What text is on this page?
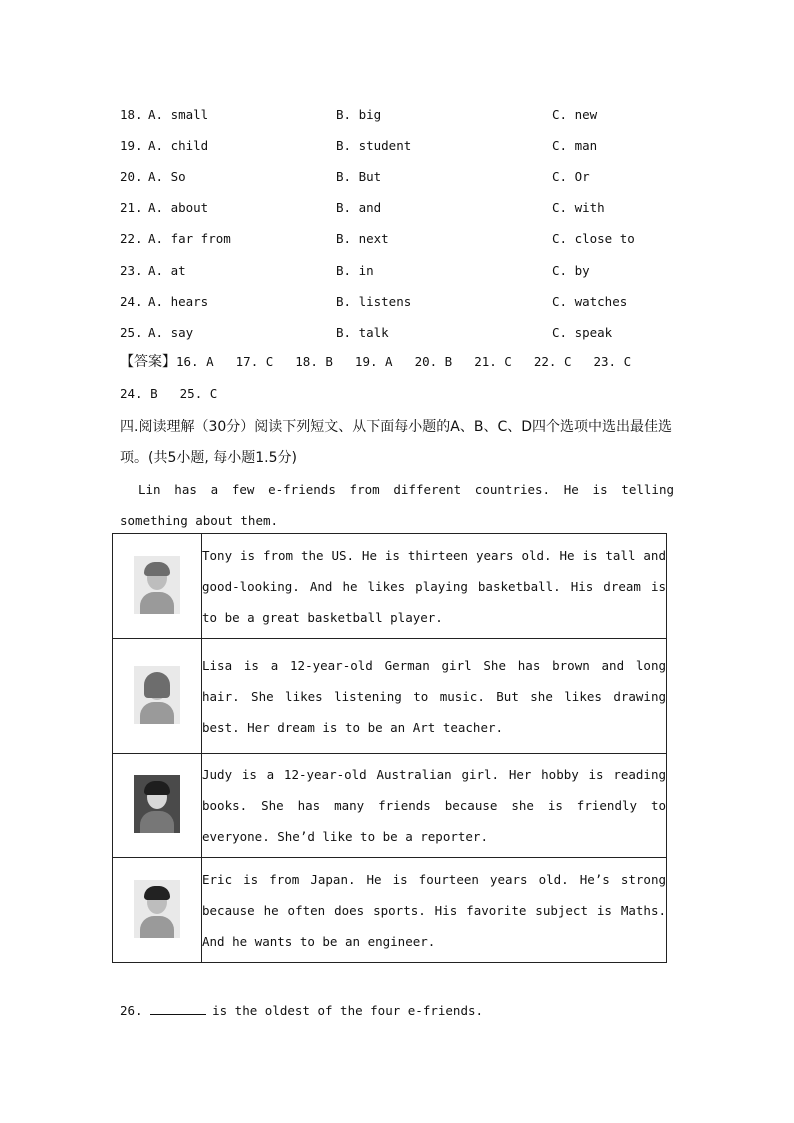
18. A. small	B. big	C. new
19. A. child	B. student	C. man
20. A. So	B. But	C. Or
21. A. about	B. and	C. with
22. A. far from	B. next	C. close to
23. A. at	B. in	C. by
24. A. hears	B. listens	C. watches
25. A. say	B. talk	C. speak
【答案】16. A 17. C 18. B 19. A 20. B 21. C 22. C 23. C
24. B 25. C
四.阅读理解（30分）阅读下列短文、从下面每小题的A、B、C、D四个选项中选出最佳选项。(共5小题, 每小题1.5分)
Lin has a few e-friends from different countries. He is telling something about them.
	Tony is from the US. He is thirteen years old. He is tall and good-looking. And he likes playing basketball. His dream is to be a great basketball player.

	Lisa is a 12-year-old German girl She has brown and long hair. She likes listening to music. But she likes drawing best. Her dream is to be an Art teacher.

	Judy is a 12-year-old Australian girl. Her hobby is reading books. She has many friends because she is friendly to everyone. She’d like to be a reporter.

	Eric is from Japan. He is fourteen years old. He’s strong because he often does sports. His favorite subject is Maths. And he wants to be an engineer.
26.	is the oldest of the four e-friends.
